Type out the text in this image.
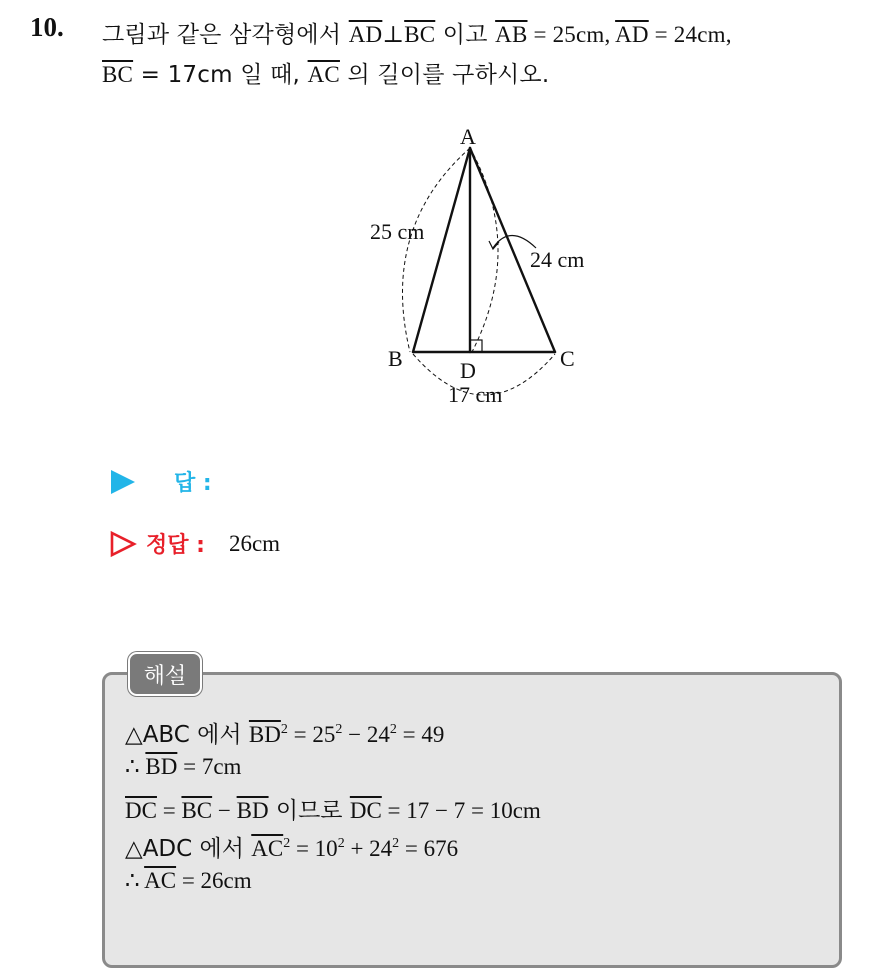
10. 그림과 같은 삼각형에서 $\overline{AD}\perp\overline{BC}$ 이고 $\overline{AB} = 25cm$, $\overline{AD} = 24cm$,
$\overline{BC} = 17cm$ 일 때, $\overline{AC}$ 의 길이를 구하시오.
A
B	C
D
25 cm
24 cm
17 cm
답 :
정답 : 26cm
해설
△ABC 에서 $\overline{BD}^2 = 25^2 - 24^2 = 49$
∴ $\overline{BD} = 7cm$
$\overline{DC} = \overline{BC} - \overline{BD}$ 이므로 $\overline{DC} = 17 - 7 = 10cm$
△ADC 에서 $\overline{AC}^2 = 10^2 + 24^2 = 676$
∴ $\overline{AC} = 26cm$
